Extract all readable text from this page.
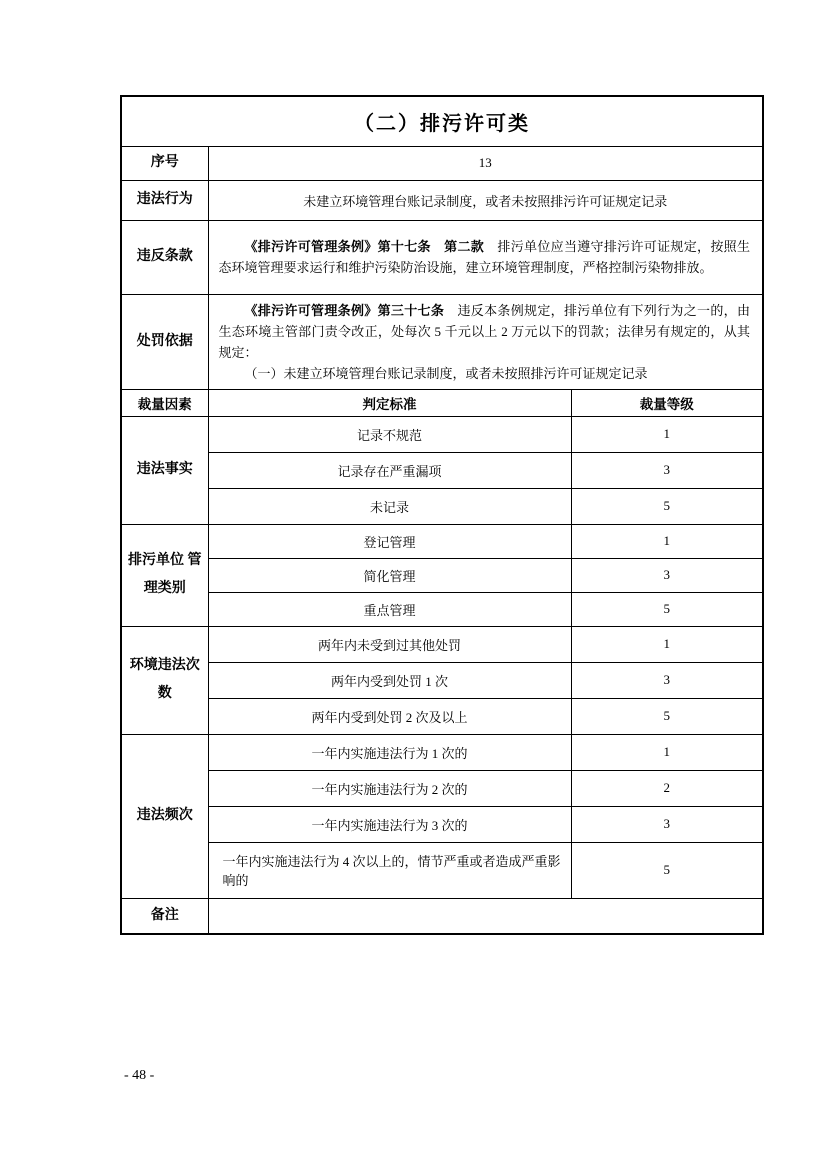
（二）排污许可类		
序号	13	
违法行为	未建立环境管理台账记录制度，或者未按照排污许可证规定记录	
违反条款	《排污许可管理条例》第十七条　第二款　排污单位应当遵守排污许可证规定，按照生态环境管理要求运行和维护污染防治设施，建立环境管理制度，严格控制污染物排放。	

处罚依据	《排污许可管理条例》第三十七条　违反本条例规定，排污单位有下列行为之一的，由生态环境主管部门责令改正，处每次 5 千元以上 2 万元以下的罚款；法律另有规定的，从其规定：

（一）未建立环境管理台账记录制度，或者未按照排污许可证规定记录	

裁量因素	判定标准	裁量等级
违法事实	记录不规范	1
	记录存在严重漏项	3
	未记录	5
排污单位 管理类别	登记管理	1
	简化管理	3
	重点管理	5
环境违法次数	两年内未受到过其他处罚	1
	两年内受到处罚 1 次	3
	两年内受到处罚 2 次及以上	5
违法频次	一年内实施违法行为 1 次的	1
	一年内实施违法行为 2 次的	2
	一年内实施违法行为 3 次的	3
	一年内实施违法行为 4 次以上的，情节严重或者造成严重影响的	5
备注		
- 48 -
